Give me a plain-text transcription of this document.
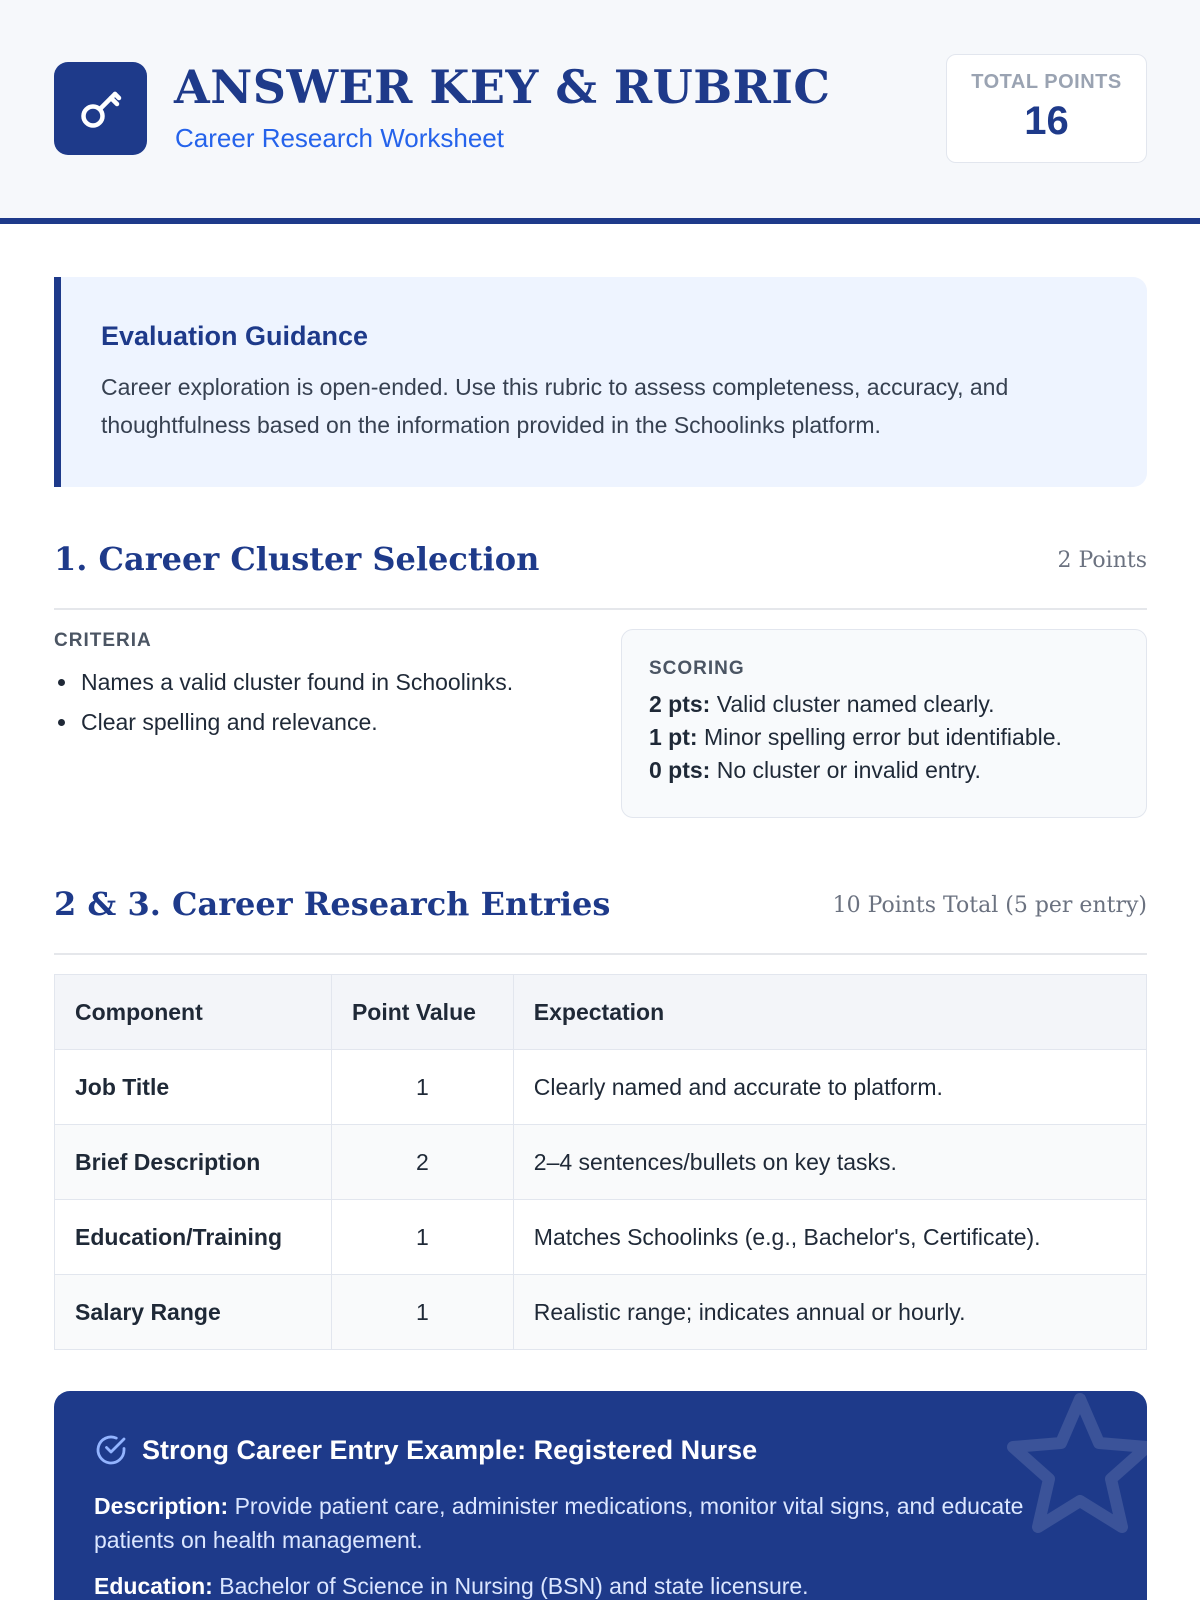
ANSWER KEY & RUBRIC
Career Research Worksheet
TOTAL POINTS
16
Evaluation Guidance

Career exploration is open-ended. Use this rubric to assess completeness, accuracy, and thoughtfulness based on the information provided in the Schoolinks platform.

1. Career Cluster Selection	2 Points
CRITERIA
Names a valid cluster found in Schoolinks.
Clear spelling and relevance.
SCORING
2 pts: Valid cluster named clearly.
1 pt: Minor spelling error but identifiable.
0 pts: No cluster or invalid entry.
2 & 3. Career Research Entries	10 Points Total (5 per entry)
Component	Point Value	Expectation
Job Title	1	Clearly named and accurate to platform.
Brief Description	2	2–4 sentences/bullets on key tasks.
Education/Training	1	Matches Schoolinks (e.g., Bachelor's, Certificate).
Salary Range	1	Realistic range; indicates annual or hourly.
Strong Career Entry Example: Registered Nurse
Description: Provide patient care, administer medications, monitor vital signs, and educate patients on health management.
Education: Bachelor of Science in Nursing (BSN) and state licensure.
